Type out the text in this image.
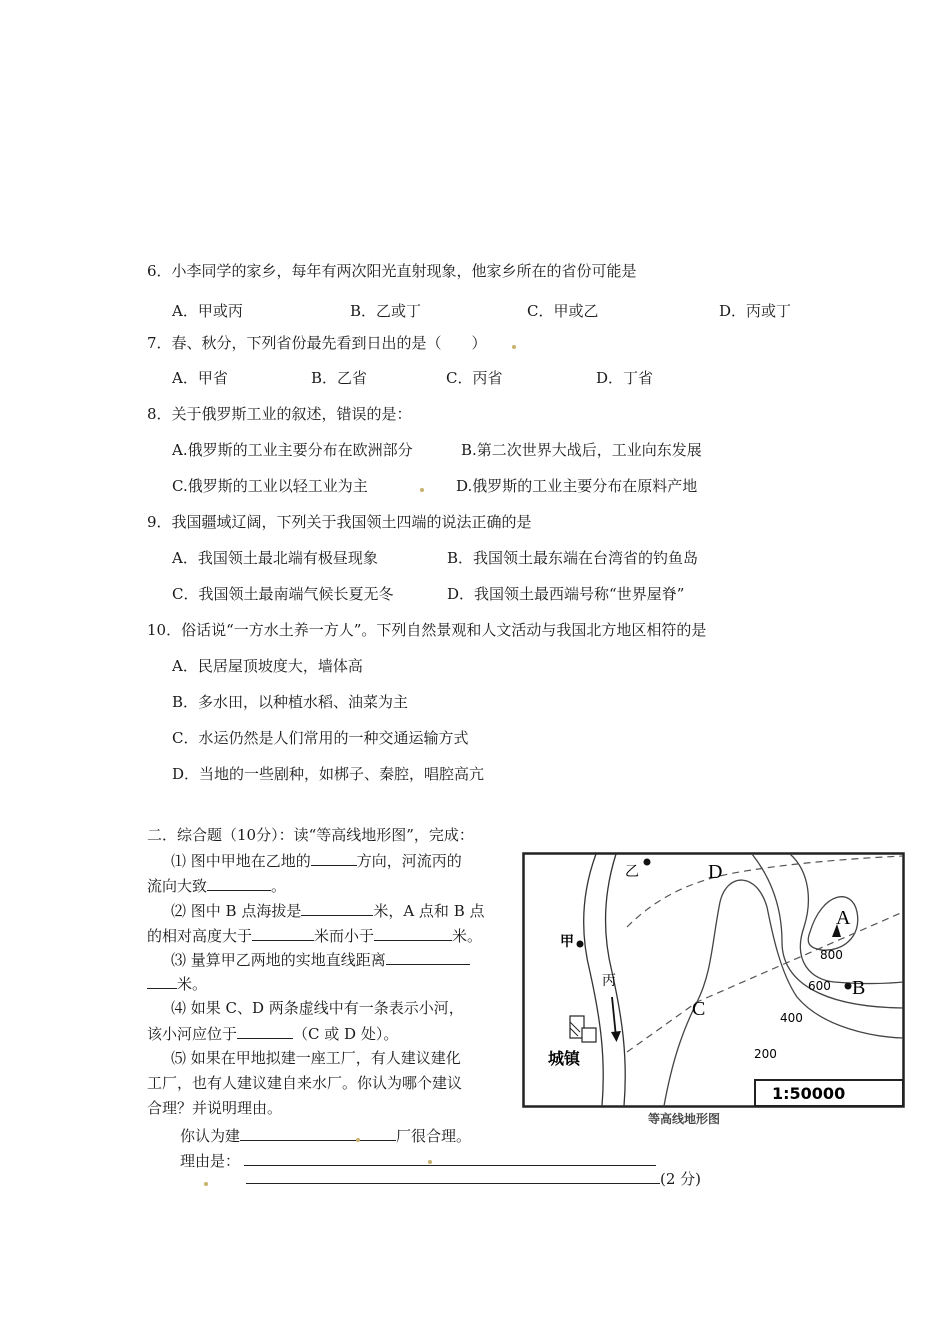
6．小李同学的家乡，每年有两次阳光直射现象，他家乡所在的省份可能是
A．甲或丙	B．乙或丁	C．甲或乙	D．丙或丁
7．春、秋分，下列省份最先看到日出的是（　　）
A．甲省	B．乙省	C．丙省	D．丁省
8．关于俄罗斯工业的叙述，错误的是：
A.俄罗斯的工业主要分布在欧洲部分	B.第二次世界大战后，工业向东发展
C.俄罗斯的工业以轻工业为主	D.俄罗斯的工业主要分布在原料产地
9．我国疆域辽阔，下列关于我国领土四端的说法正确的是
A．我国领土最北端有极昼现象	B．我国领土最东端在台湾省的钓鱼岛
C．我国领土最南端气候长夏无冬	D．我国领土最西端号称“世界屋脊”
10．俗话说“一方水土养一方人”。下列自然景观和人文活动与我国北方地区相符的是
A．民居屋顶坡度大，墙体高
B．多水田，以种植水稻、油菜为主
C．水运仍然是人们常用的一种交通运输方式
D．当地的一些剧种，如梆子、秦腔，唱腔高亢
二．综合题（10分）：读“等高线地形图”，完成：
⑴ 图中甲地在乙地的	方向，河流丙的
流向大致	。
⑵ 图中 B 点海拔是	米，A 点和 B 点
的相对高度大于	米而小于	米。
⑶ 量算甲乙两地的实地直线距离
米。
⑷ 如果 C、D 两条虚线中有一条表示小河，
该小河应位于	（C 或 D 处）。
⑸ 如果在甲地拟建一座工厂，有人建议建化
工厂，也有人建议建自来水厂。你认为哪个建议
合理？并说明理由。
你认为建	厂很合理。
理由是：
(2 分)
乙
甲
丙
D
C
A
B
800
600
400
200
城镇
1:50000
等高线地形图
